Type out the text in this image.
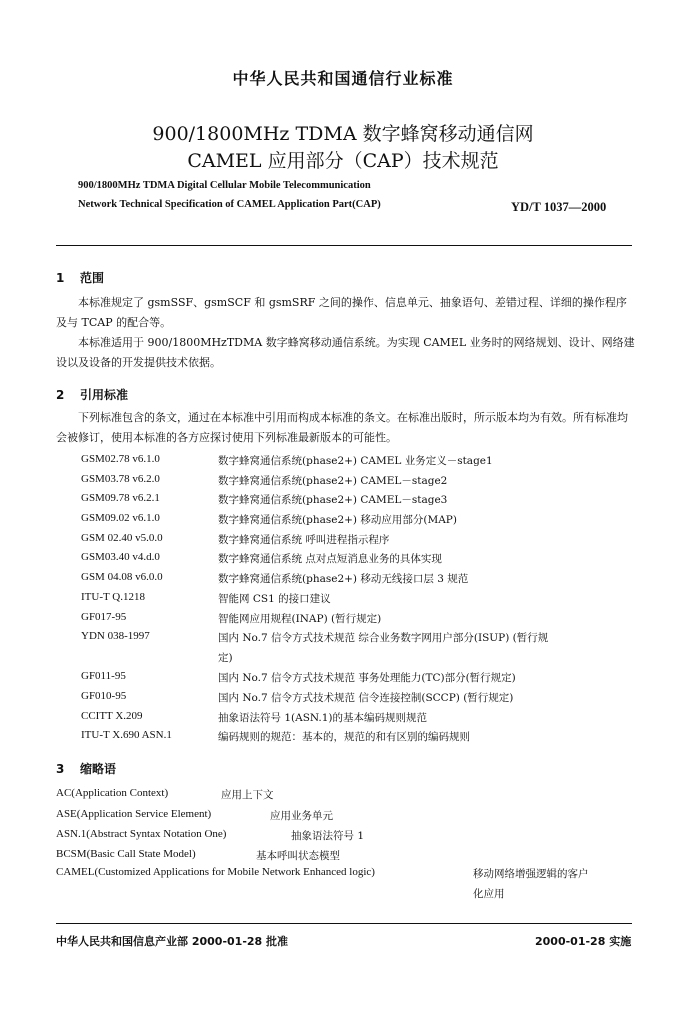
中华人民共和国通信行业标准
900/1800MHz TDMA 数字蜂窝移动通信网
CAMEL 应用部分（CAP）技术规范
900/1800MHz TDMA Digital Cellular Mobile Telecommunication
Network Technical Specification of CAMEL Application Part(CAP)	YD/T 1037—2000
1 范围

本标准规定了 gsmSSF、gsmSCF 和 gsmSRF 之间的操作、信息单元、抽象语句、差错过程、详细的操作程序及与 TCAP 的配合等。

本标准适用于 900/1800MHzTDMA 数字蜂窝移动通信系统。为实现 CAMEL 业务时的网络规划、设计、网络建设以及设备的开发提供技术依据。

2 引用标准

下列标准包含的条文，通过在本标准中引用而构成本标准的条文。在标准出版时，所示版本均为有效。所有标准均会被修订，使用本标准的各方应探讨使用下列标准最新版本的可能性。

GSM02.78 v6.1.0	数字蜂窝通信系统(phase2+) CAMEL 业务定义－stage1
GSM03.78 v6.2.0	数字蜂窝通信系统(phase2+) CAMEL－stage2
GSM09.78 v6.2.1	数字蜂窝通信系统(phase2+) CAMEL－stage3
GSM09.02 v6.1.0	数字蜂窝通信系统(phase2+) 移动应用部分(MAP)
GSM 02.40 v5.0.0	数字蜂窝通信系统 呼叫进程指示程序
GSM03.40 v4.d.0	数字蜂窝通信系统 点对点短消息业务的具体实现
GSM 04.08 v6.0.0	数字蜂窝通信系统(phase2+) 移动无线接口层 3 规范
ITU-T Q.1218	智能网 CS1 的接口建议
GF017-95	智能网应用规程(INAP) (暂行规定)
YDN 038-1997	国内 No.7 信令方式技术规范 综合业务数字网用户部分(ISUP) (暂行规
定)
GF011-95	国内 No.7 信令方式技术规范 事务处理能力(TC)部分(暂行规定)
GF010-95	国内 No.7 信令方式技术规范 信令连接控制(SCCP) (暂行规定)
CCITT X.209	抽象语法符号 1(ASN.1)的基本编码规则规范
ITU-T X.690 ASN.1	编码规则的规范：基本的，规范的和有区别的编码规则
3 缩略语
AC(Application Context)	应用上下文
ASE(Application Service Element)	应用业务单元
ASN.1(Abstract Syntax Notation One)	抽象语法符号 1
BCSM(Basic Call State Model)	基本呼叫状态模型
CAMEL(Customized Applications for Mobile Network Enhanced logic)	移动网络增强逻辑的客户
化应用
中华人民共和国信息产业部 2000-01-28 批准	2000-01-28 实施
